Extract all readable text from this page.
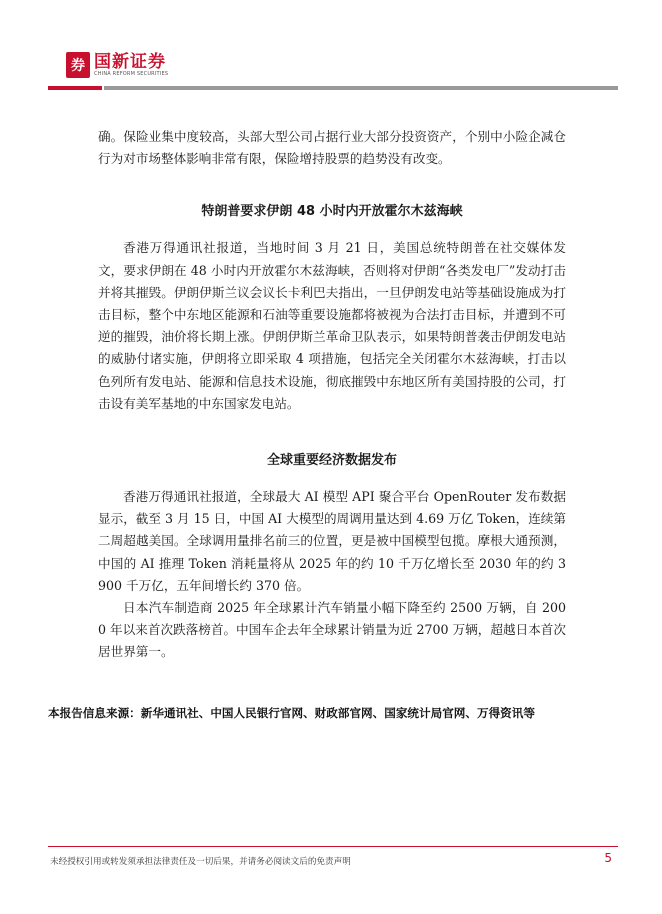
券 国新证券
CHINA REFORM SECURITIES

确。保险业集中度较高，头部大型公司占据行业大部分投资资产，个别中小险企减仓行为对市场整体影响非常有限，保险增持股票的趋势没有改变。

特朗普要求伊朗 48 小时内开放霍尔木兹海峡

香港万得通讯社报道，当地时间 3 月 21 日，美国总统特朗普在社交媒体发文，要求伊朗在 48 小时内开放霍尔木兹海峡，否则将对伊朗“各类发电厂”发动打击并将其摧毁。伊朗伊斯兰议会议长卡利巴夫指出，一旦伊朗发电站等基础设施成为打击目标，整个中东地区能源和石油等重要设施都将被视为合法打击目标，并遭到不可逆的摧毁，油价将长期上涨。伊朗伊斯兰革命卫队表示，如果特朗普袭击伊朗发电站的威胁付诸实施，伊朗将立即采取 4 项措施，包括完全关闭霍尔木兹海峡，打击以色列所有发电站、能源和信息技术设施，彻底摧毁中东地区所有美国持股的公司，打击设有美军基地的中东国家发电站。

全球重要经济数据发布

香港万得通讯社报道，全球最大 AI 模型 API 聚合平台 OpenRouter 发布数据显示，截至 3 月 15 日，中国 AI 大模型的周调用量达到 4.69 万亿 Token，连续第二周超越美国。全球调用量排名前三的位置，更是被中国模型包揽。摩根大通预测，中国的 AI 推理 Token 消耗量将从 2025 年的约 10 千万亿增长至 2030 年的约 3900 千万亿，五年间增长约 370 倍。

日本汽车制造商 2025 年全球累计汽车销量小幅下降至约 2500 万辆，自 2000 年以来首次跌落榜首。中国车企去年全球累计销量为近 2700 万辆，超越日本首次居世界第一。

本报告信息来源：新华通讯社、中国人民银行官网、财政部官网、国家统计局官网、万得资讯等
未经授权引用或转发须承担法律责任及一切后果，并请务必阅读文后的免责声明	5
